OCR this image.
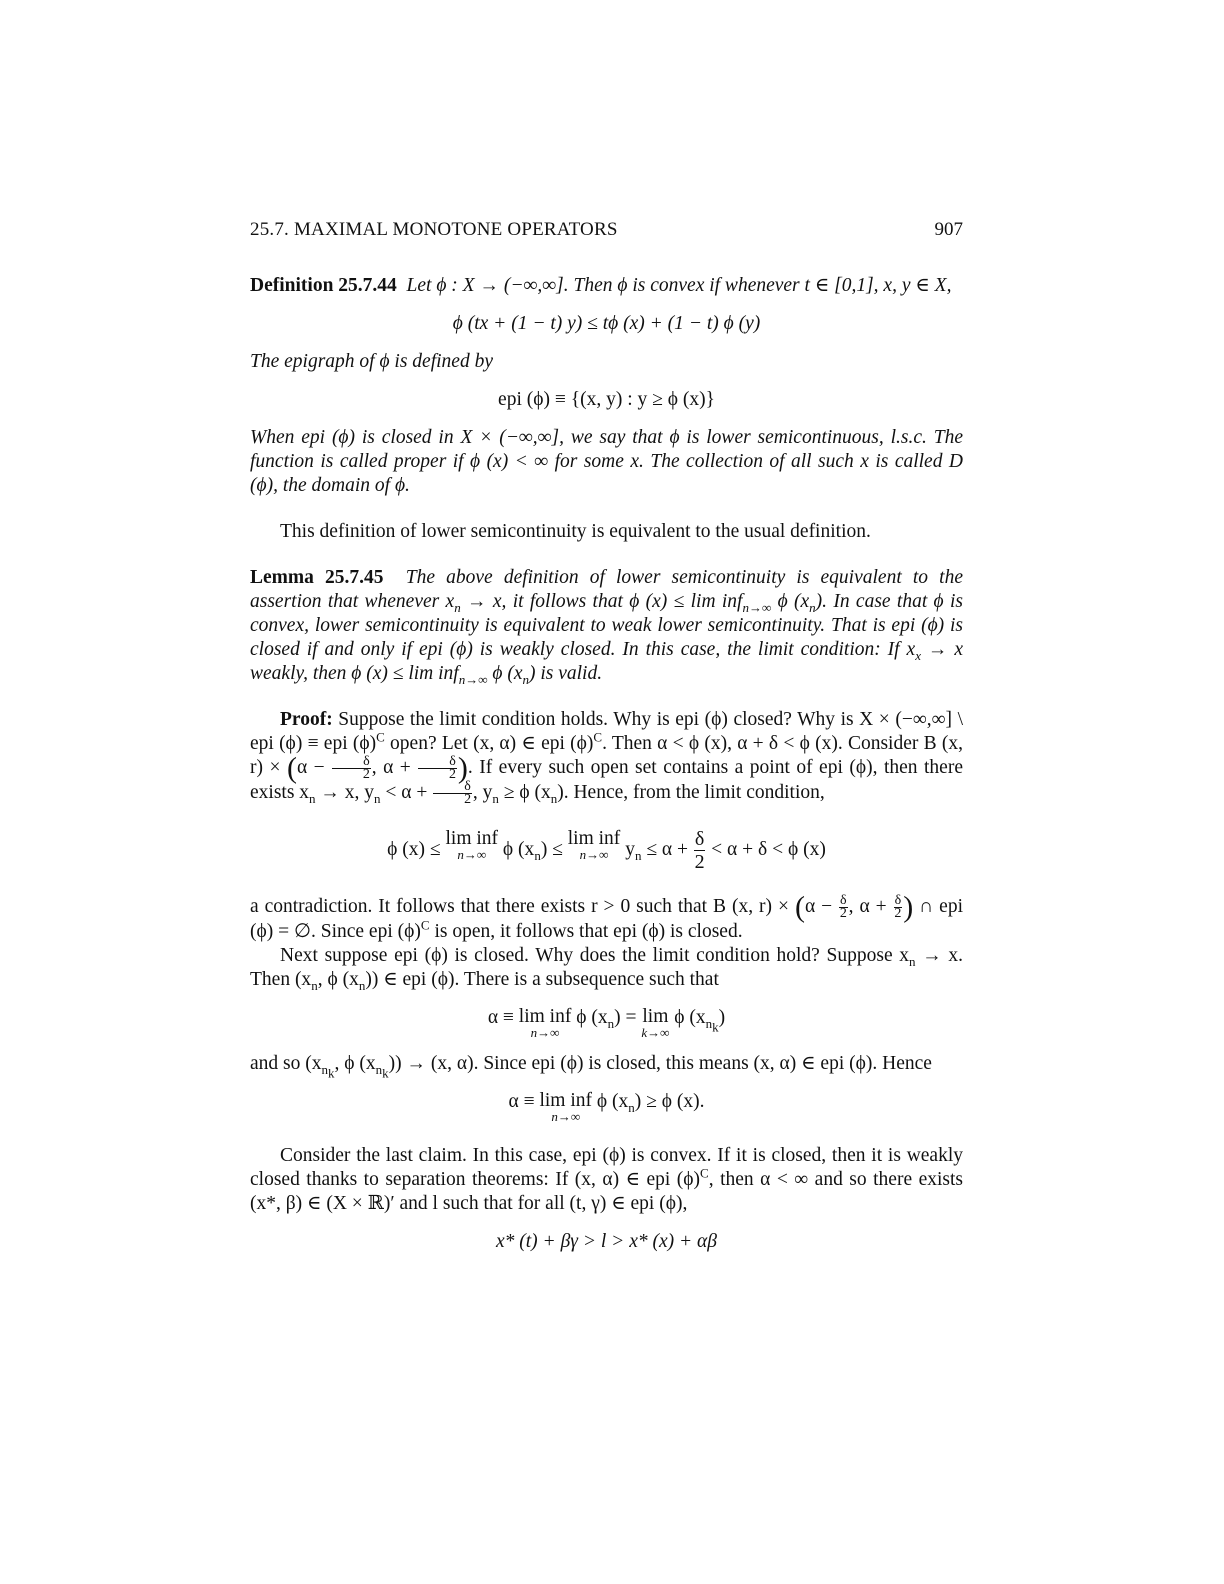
25.7. MAXIMAL MONOTONE OPERATORS	907

Definition 25.7.44 Let ϕ : X → (−∞,∞]. Then ϕ is convex if whenever t ∈ [0,1], x, y ∈ X,

ϕ (tx + (1 − t) y) ≤ tϕ (x) + (1 − t) ϕ (y)

The epigraph of ϕ is defined by

epi (ϕ) ≡ {(x, y) : y ≥ ϕ (x)}

When epi (ϕ) is closed in X × (−∞,∞], we say that ϕ is lower semicontinuous, l.s.c. The function is called proper if ϕ (x) < ∞ for some x. The collection of all such x is called D (ϕ), the domain of ϕ.

This definition of lower semicontinuity is equivalent to the usual definition.

Lemma 25.7.45 The above definition of lower semicontinuity is equivalent to the assertion that whenever $x_n \to x$, it follows that ϕ (x) ≤ lim inf$_{n\to\infty}$ ϕ $(x_n)$. In case that ϕ is convex, lower semicontinuity is equivalent to weak lower semicontinuity. That is epi (ϕ) is closed if and only if epi (ϕ) is weakly closed. In this case, the limit condition: If $x_x \to x$ weakly, then ϕ (x) ≤ lim inf$_{n\to\infty}$ ϕ $(x_n)$ is valid.

Proof: Suppose the limit condition holds. Why is epi (ϕ) closed? Why is X × (−∞,∞] \ epi (ϕ) ≡ epi $(\phi)^C$ open? Let (x, α) ∈ epi $(\phi)^C$. Then α < ϕ (x), α + δ < ϕ (x). Consider B (x, $r) \times (\alpha - \frac{\delta}{2}$ , $\alpha + \frac{\delta}{2}$ ). If every such open set contains a point of epi (ϕ), then there exists $x_n \to x$, $y_n < \alpha + \frac{\delta}{2}$ , $y_n \ge \phi$ $(x_n)$. Hence, from the limit condition,

ϕ (x) ≤ lim inf
n→∞ ϕ $(x_n) \le \lim$ inf
n→∞ $y_n \le \alpha + \frac{\delta}{2} < \alpha + \delta < \phi$ (x)

a contradiction. It follows that there exists r > 0 such that B (x, $r) \times (\alpha - \frac{\delta}{2}$ , $\alpha + \frac{\delta}{2}$ ) ∩ epi (ϕ) = ∅. Since epi $(\phi)^C$ is open, it follows that epi (ϕ) is closed.

Next suppose epi (ϕ) is closed. Why does the limit condition hold? Suppose $x_n \to x$. Then ($x_n$, ϕ $(x_n)$) ∈ epi (ϕ). There is a subsequence such that

α ≡ lim inf
n→∞
ϕ $(x_n) = \lim$
k→∞
ϕ $(x_{n_k})$

and so ($x_{n_k}$, ϕ $(x_{n_k})) \to (x$, α). Since epi (ϕ) is closed, this means (x, α) ∈ epi (ϕ). Hence

α ≡ lim inf
n→∞
ϕ $(x_n) \ge \phi$ (x).

Consider the last claim. In this case, epi (ϕ) is convex. If it is closed, then it is weakly closed thanks to separation theorems: If (x, α) ∈ epi $(\phi)^C$, then α < ∞ and so there exists (x*, β) ∈ (X × ℝ)′ and l such that for all (t, γ) ∈ epi (ϕ),

x* (t) + βγ > l > x* (x) + αβ
